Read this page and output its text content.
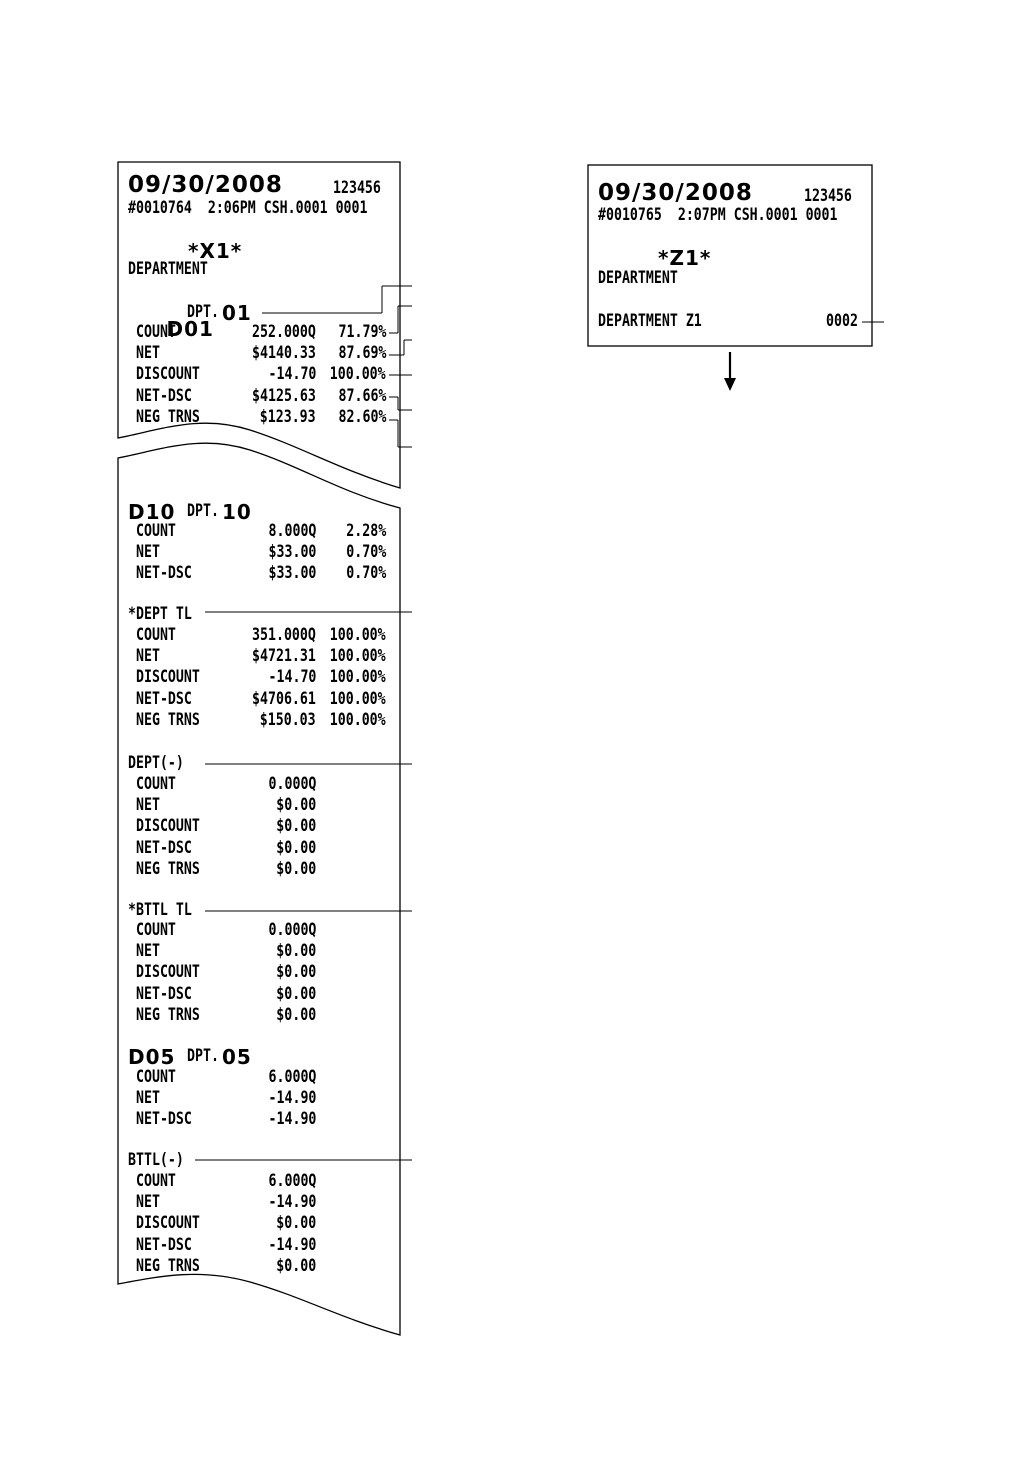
09/30/2008	123456
#0010764  2:06PM CSH.0001 0001
*X1*
DEPARTMENT

D01

DPT. 01
COUNT	252.000Q 71.79%
NET	$4140.33 87.69%
DISCOUNT	-14.70 100.00%
NET-DSC	$4125.63 87.66%
NEG TRNS	$123.93 82.60%
D10 DPT. 10
COUNT	8.000Q 2.28%
NET	$33.00 0.70%
NET-DSC	$33.00 0.70%
*DEPT TL
COUNT	351.000Q 100.00%
NET	$4721.31 100.00%
DISCOUNT	-14.70 100.00%
NET-DSC	$4706.61 100.00%
NEG TRNS	$150.03 100.00%
DEPT(-)
COUNT	0.000Q
NET	$0.00
DISCOUNT	$0.00
NET-DSC	$0.00
NEG TRNS	$0.00
*BTTL TL
COUNT	0.000Q
NET	$0.00
DISCOUNT	$0.00
NET-DSC	$0.00
NEG TRNS	$0.00
D05 DPT. 05
COUNT	6.000Q
NET	-14.90
NET-DSC	-14.90
BTTL(-)
COUNT	6.000Q
NET	-14.90
DISCOUNT	$0.00
NET-DSC	-14.90
NEG TRNS	$0.00
09/30/2008	123456
#0010765  2:07PM CSH.0001 0001
*Z1*
DEPARTMENT
DEPARTMENT Z1	0002
